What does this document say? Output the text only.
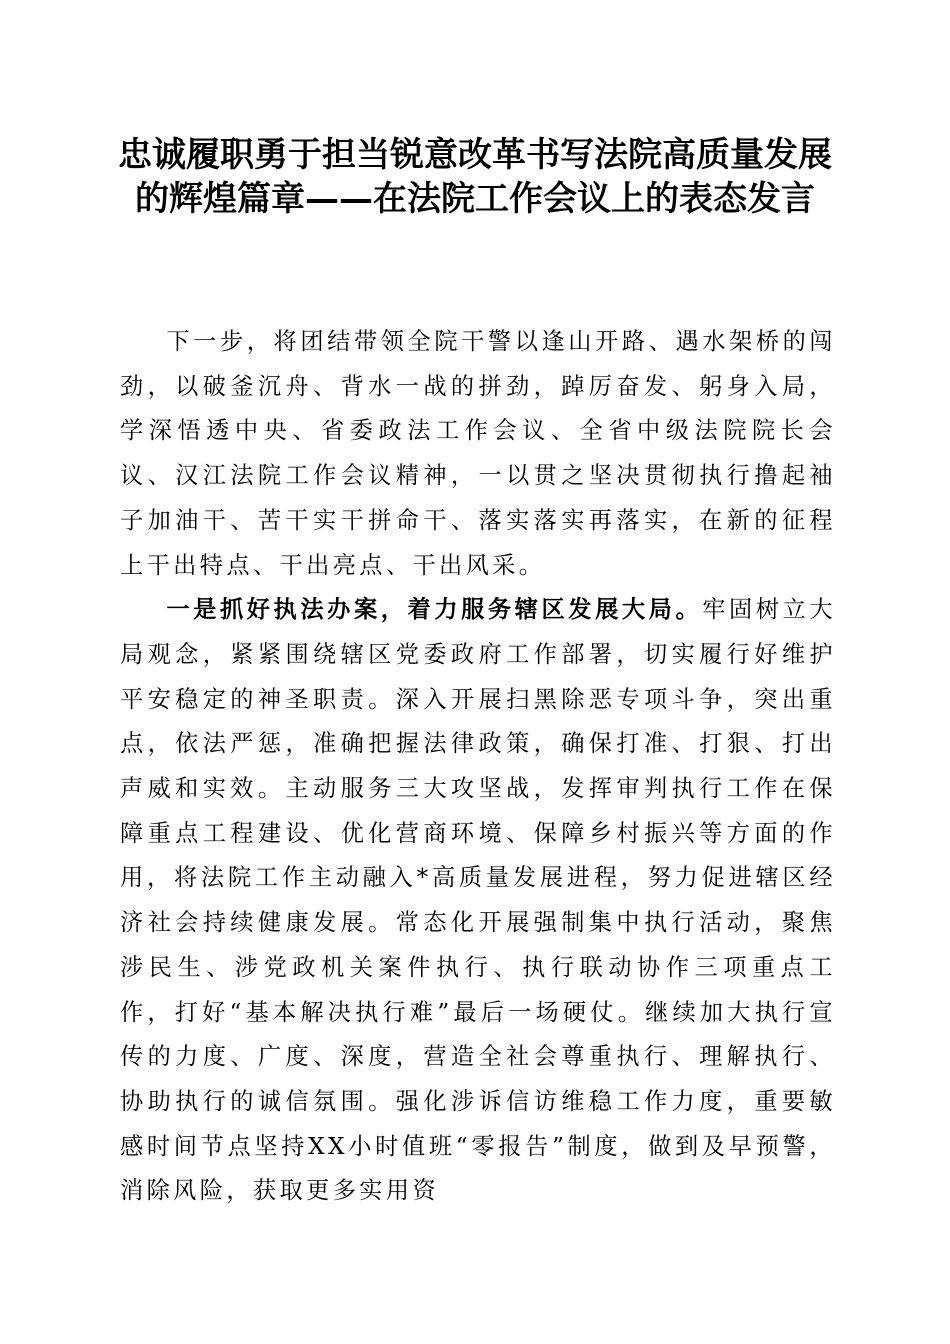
忠诚履职勇于担当锐意改革书写法院高质量发展的辉煌篇章——在法院工作会议上的表态发言

下一步，将团结带领全院干警以逢山开路、遇水架桥的闯劲，以破釜沉舟、背水一战的拼劲，踔厉奋发、躬身入局，学深悟透中央、省委政法工作会议、全省中级法院院长会议、汉江法院工作会议精神，一以贯之坚决贯彻执行撸起袖子加油干、苦干实干拼命干、落实落实再落实，在新的征程上干出特点、干出亮点、干出风采。

一是抓好执法办案，着力服务辖区发展大局。牢固树立大局观念，紧紧围绕辖区党委政府工作部署，切实履行好维护平安稳定的神圣职责。深入开展扫黑除恶专项斗争，突出重点，依法严惩，准确把握法律政策，确保打准、打狠、打出声威和实效。主动服务三大攻坚战，发挥审判执行工作在保障重点工程建设、优化营商环境、保障乡村振兴等方面的作用，将法院工作主动融入*高质量发展进程，努力促进辖区经济社会持续健康发展。常态化开展强制集中执行活动，聚焦涉民生、涉党政机关案件执行、执行联动协作三项重点工作，打好“基本解决执行难”最后一场硬仗。继续加大执行宣传的力度、广度、深度，营造全社会尊重执行、理解执行、协助执行的诚信氛围。强化涉诉信访维稳工作力度，重要敏感时间节点坚持XX小时值班“零报告”制度，做到及早预警，消除风险，获取更多实用资
